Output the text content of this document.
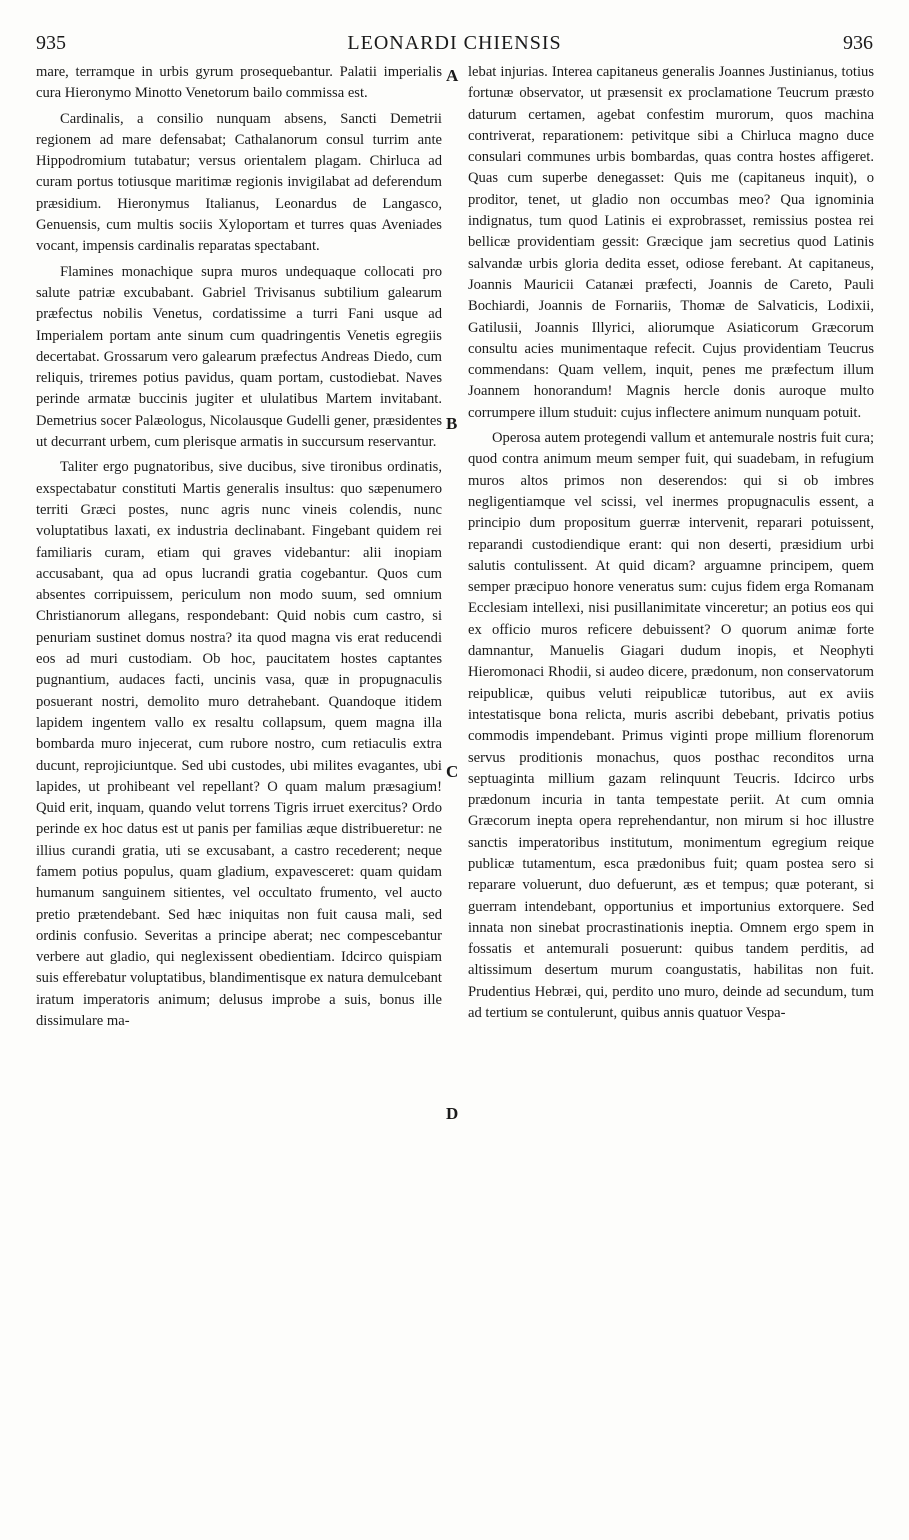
935	LEONARDI CHIENSIS	936

mare, terramque in urbis gyrum prosequebantur. Palatii imperialis cura Hieronymo Minotto Venetorum bailo commissa est.

Cardinalis, a consilio nunquam absens, Sancti Demetrii regionem ad mare defensabat; Cathalanorum consul turrim ante Hippodromium tutabatur; versus orientalem plagam. Chirluca ad curam portus totiusque maritimæ regionis invigilabat ad deferendum præsidium. Hieronymus Italianus, Leonardus de Langasco, Genuensis, cum multis sociis Xyloportam et turres quas Aveniades vocant, impensis cardinalis reparatas spectabant.

Flamines monachique supra muros undequaque collocati pro salute patriæ excubabant. Gabriel Trivisanus subtilium galearum præfectus nobilis Venetus, cordatissime a turri Fani usque ad Imperialem portam ante sinum cum quadringentis Venetis egregiis decertabat. Grossarum vero galearum præfectus Andreas Diedo, cum reliquis, triremes potius pavidus, quam portam, custodiebat. Naves perinde armatæ buccinis jugiter et ululatibus Martem invitabant. Demetrius socer Palæologus, Nicolausque Gudelli gener, præsidentes ut decurrant urbem, cum plerisque armatis in succursum reservantur.

Taliter ergo pugnatoribus, sive ducibus, sive tironibus ordinatis, exspectabatur constituti Martis generalis insultus: quo sæpenumero territi Græci postes, nunc agris nunc vineis colendis, nunc voluptatibus laxati, ex industria declinabant. Fingebant quidem rei familiaris curam, etiam qui graves videbantur: alii inopiam accusabant, qua ad opus lucrandi gratia cogebantur. Quos cum absentes corripuissem, periculum non modo suum, sed omnium Christianorum allegans, respondebant: Quid nobis cum castro, si penuriam sustinet domus nostra? ita quod magna vis erat reducendi eos ad muri custodiam. Ob hoc, paucitatem hostes captantes pugnantium, audaces facti, uncinis vasa, quæ in propugnaculis posuerant nostri, demolito muro detrahebant. Quandoque itidem lapidem ingentem vallo ex resaltu collapsum, quem magna illa bombarda muro injecerat, cum rubore nostro, cum retiaculis extra ducunt, reprojiciuntque. Sed ubi custodes, ubi milites evagantes, ubi lapides, ut prohibeant vel repellant? O quam malum præsagium! Quid erit, inquam, quando velut torrens Tigris irruet exercitus? Ordo perinde ex hoc datus est ut panis per familias æque distribueretur: ne illius curandi gratia, uti se excusabant, a castro recederent; neque famem potius populus, quam gladium, expavesceret: quam quidam humanum sanguinem sitientes, vel occultato frumento, vel aucto pretio prætendebant. Sed hæc iniquitas non fuit causa mali, sed ordinis confusio. Severitas a principe aberat; nec compescebantur verbere aut gladio, qui neglexissent obedientiam. Idcirco quispiam suis efferebatur voluptatibus, blandimentisque ex natura demulcebant iratum imperatoris animum; delusus improbe a suis, bonus ille dissimulare ma-

A
B
C
D

lebat injurias. Interea capitaneus generalis Joannes Justinianus, totius fortunæ observator, ut præsensit ex proclamatione Teucrum præsto daturum certamen, agebat confestim murorum, quos machina contriverat, reparationem: petivitque sibi a Chirluca magno duce consulari communes urbis bombardas, quas contra hostes affigeret. Quas cum superbe denegasset: Quis me (capitaneus inquit), o proditor, tenet, ut gladio non occumbas meo? Qua ignominia indignatus, tum quod Latinis ei exprobrasset, remissius postea rei bellicæ providentiam gessit: Græcique jam secretius quod Latinis salvandæ urbis gloria dedita esset, odiose ferebant. At capitaneus, Joannis Mauricii Catanæi præfecti, Joannis de Careto, Pauli Bochiardi, Joannis de Fornariis, Thomæ de Salvaticis, Lodixii, Gatilusii, Joannis Illyrici, aliorumque Asiaticorum Græcorum consultu acies munimentaque refecit. Cujus providentiam Teucrus commendans: Quam vellem, inquit, penes me præfectum illum Joannem honorandum! Magnis hercle donis auroque multo corrumpere illum studuit: cujus inflectere animum nunquam potuit.

Operosa autem protegendi vallum et antemurale nostris fuit cura; quod contra animum meum semper fuit, qui suadebam, in refugium muros altos primos non deserendos: qui si ob imbres negligentiamque vel scissi, vel inermes propugnaculis essent, a principio dum propositum guerræ intervenit, reparari potuissent, reparandi custodiendique erant: qui non deserti, præsidium urbi salutis contulissent. At quid dicam? arguamne principem, quem semper præcipuo honore veneratus sum: cujus fidem erga Romanam Ecclesiam intellexi, nisi pusillanimitate vinceretur; an potius eos qui ex officio muros reficere debuissent? O quorum animæ forte damnantur, Manuelis Giagari dudum inopis, et Neophyti Hieromonaci Rhodii, si audeo dicere, prædonum, non conservatorum reipublicæ, quibus veluti reipublicæ tutoribus, aut ex aviis intestatisque bona relicta, muris ascribi debebant, privatis potius commodis impendebant. Primus viginti prope millium florenorum servus proditionis monachus, quos posthac reconditos urna septuaginta millium gazam relinquunt Teucris. Idcirco urbs prædonum incuria in tanta tempestate periit. At cum omnia Græcorum inepta opera reprehendantur, non mirum si hoc illustre sanctis imperatoribus institutum, monimentum egregium reique publicæ tutamentum, esca prædonibus fuit; quam postea sero si reparare voluerunt, duo defuerunt, æs et tempus; quæ poterant, si guerram intendebant, opportunius et importunius extorquere. Sed innata non sinebat procrastinationis ineptia. Omnem ergo spem in fossatis et antemurali posuerunt: quibus tandem perditis, ad altissimum desertum murum coangustatis, habilitas non fuit. Prudentius Hebræi, qui, perdito uno muro, deinde ad secundum, tum ad tertium se contulerunt, quibus annis quatuor Vespa-
